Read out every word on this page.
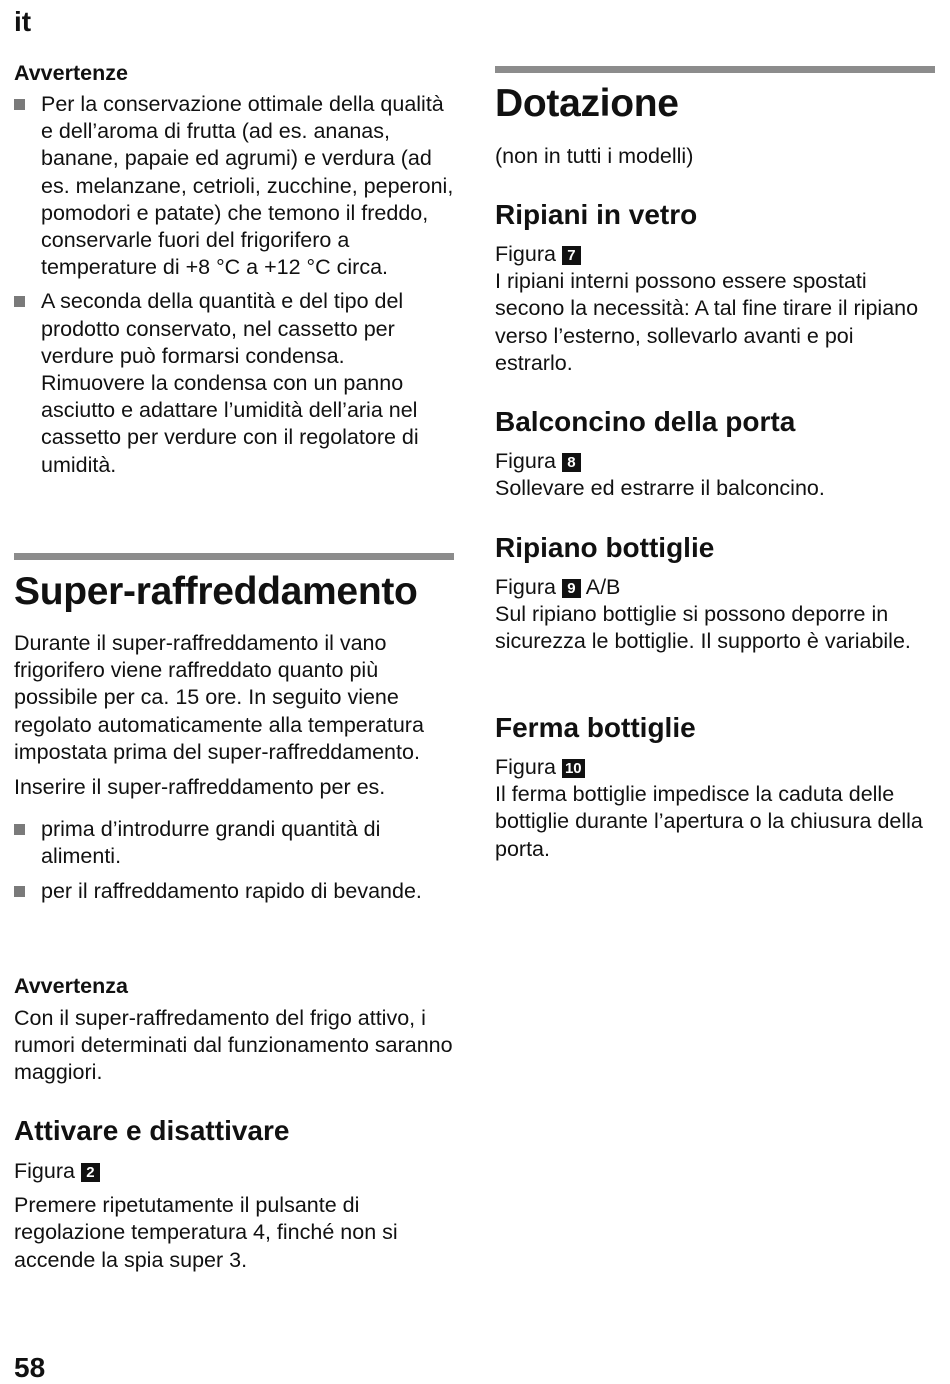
it
Avvertenze
Per la conservazione ottimale della qualità e dell’aroma di frutta (ad es. ananas, banane, papaie ed agrumi) e verdura (ad es. melanzane, cetrioli, zucchine, peperoni, pomodori e patate) che temono il freddo, conservarle fuori del frigorifero a temperature di +8 °C a +12 °C circa.
A seconda della quantità e del tipo del prodotto conservato, nel cassetto per verdure può formarsi condensa. Rimuovere la condensa con un panno asciutto e adattare l’umidità dell’aria nel cassetto per verdure con il regolatore di umidità.
Super-raffreddamento

Durante il super-raffreddamento il vano frigorifero viene raffreddato quanto più possibile per ca. 15 ore. In seguito viene regolato automaticamente alla temperatura impostata prima del super-raffreddamento.

Inserire il super-raffreddamento per es.

prima d’introdurre grandi quantità di alimenti.
per il raffreddamento rapido di bevande.
Avvertenza

Con il super-raffredamento del frigo attivo, i rumori determinati dal funzionamento saranno maggiori.

Attivare e disattivare

Figura 2

Premere ripetutamente il pulsante di regolazione temperatura 4, finché non si accende la spia super 3.

Dotazione

(non in tutti i modelli)

Ripiani in vetro

Figura 7

I ripiani interni possono essere spostati secono la necessità: A tal fine tirare il ripiano verso l’esterno, sollevarlo avanti e poi estrarlo.

Balconcino della porta

Figura 8

Sollevare ed estrarre il balconcino.

Ripiano bottiglie

Figura 9 A/B

Sul ripiano bottiglie si possono deporre in sicurezza le bottiglie. Il supporto è variabile.

Ferma bottiglie

Figura 10

Il ferma bottiglie impedisce la caduta delle bottiglie durante l’apertura o la chiusura della porta.

58
